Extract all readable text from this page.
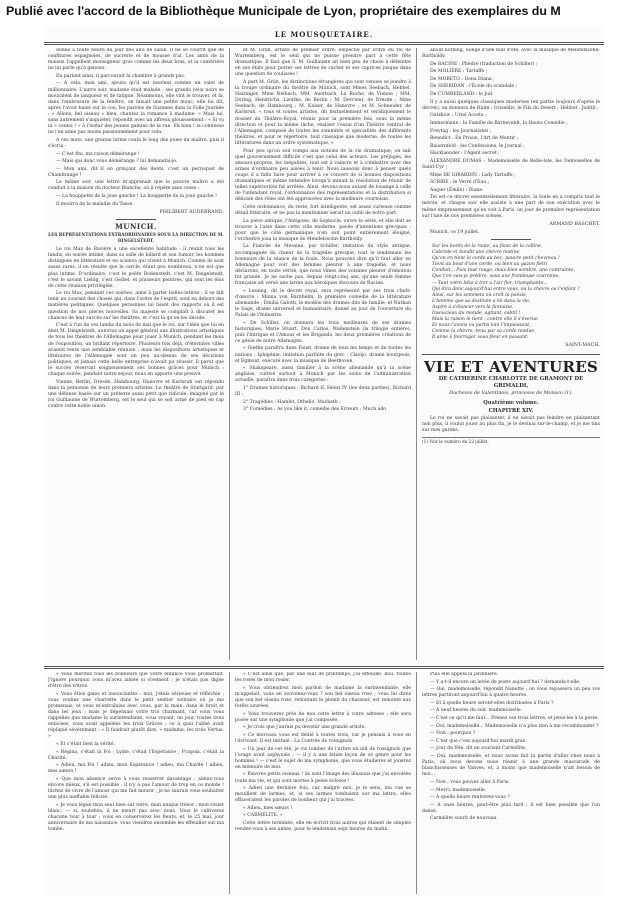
Publié avec l'accord de la Bibliothèque Municipale de Lyon, propriétaire des exemplaires du M
LE MOUSQUETAIRE.

donné à toute heure du jour des airs de salon. Il ne se courrit que de confitures espagnoles, de sucrerie et de mousse d'ai. Les amis de la maison l'appellent monsigneur gros comme les deux bras, et la camérière ne lui parle qu'à genoux.

En parlant ainsi, il parcourait la chambre à grands pas.

— A cela, mon ami, ajouta qu'il est insolent comme un valet de millionnaire. L'autre soir, madame était malade ; ses grands yeux noirs se mouraient de langueur et de fatigue. Néanmoins, elle vint le trouver, et là, dans l'embrasure de la fenêtre, on faisait une petite mouc, elle lui dit, après l'avoir baisé sur le cou, les paroles de Suzanne dans la Folle Journée : « Allons, bel oiseau » bleu, chantez la romance à madame. » Mais lui, sans autrement s'inquiéter, répondit avec un affreux glousssement : « Si vu ni » connu ! » à l'instar des jeunes gamins de la rue. Eh bien ! la comtesse ne l'en aime pas moins passionnément pour cela.

A ces mots, une grenue larme coula le long des joues du maître, puis il s'écria :

— C'est fini, ma raison démérange !

— Mais qui donc vous démérange ? lui demandai-je.

— Mon ami, dit il en grinçant des dents, c'est un perroquet de Chambrange !

Le même soir, une lettre m'apprenait que le pauvre maître a été conduit à la maison du docteur Blanche, où il répète sans cesse :

— La houppette de la joue gauche ! La houppette de la joue gauche !

Il mourra de la maladie du Tasse.

PHILIBERT AUDEBRAND.
MUNICH.
LES REPRÉSENTATIONS EXTRAORDINAIRES SOUS LA DIRECTION DE M. DINGELSTEDT.

Le roi Max de Bavière a une excellente habitude : il réunit tous les lundis, en soirée intime, dans sa salle de billard et son fumoir, les hommes distingués en littérature et en science qui vivent à Munich. Comme ils sont assez rares, il en résulte que le cercle, étant peu nombreux, n'en est que plus intime. D'ordinaire, c'est le poète Bodenstedt, c'est M. Dingelstedt, c'est le savant Liebig, c'est Geibel, et plusieurs peintres, qui sont les élus de cette réunion privilégiée.

Le roi Max, pendant ces soirées, aime à parler belles-lettres ; il se fait tenir au courant des choses qui, dans l'ordre de l'esprit, sont en dehors des matières politiques. Quelques personnes lui lisent des rapports où il est question de nos pièces nouvelles. Sa majesté se complaît à discuter les chances de leur succès sur les théâtres, et c'est là qu'on les décide.

C'est à l'un de ces lundis du mois de mai que le roi, sur l'idée que lui en émit M. Dingelstedt, autorisa un appel général aux illustrations artistiques de tous les théâtres de l'Allemagne pour jouer à Munich, pendant les mois de l'exposition, un brillant répertoire. Plusieurs fois déjà, d'éternités villes avaient tenté une semblable réunion ; mais les dispositions artistiques et littéraires de l'Allemagne sont un peu au-dessus de ses décisions politiques, et jamais cette belle entreprise n'avait pu réussir. Il parut que le succès réservait soigneusement ses bonnes grâces pour Munich : chaque soirée, pendant notre séjour, nous en apporte une preuve.

Vienne, Berlin, Dresde, Hambourg, Hanovre et Karlsruh ont répondu dans la personne de leurs premiers artistes. Le théâtre de Stuttgard, par une défense basée sur un prétexte aussi petit que ridicule, imaginé par le roi Guillaume de Wurtemberg, est le seul qui se soit armé de pied en cap contre cette noble union.

et M. Grün, artiste de premier ordre, empêché par ordre du roi de Wurtemberg, est le seul qui ne puisse prendre part à cette fête dramatique. Il faut que S. M. Guillaume ait bien peu de chose à défendre en ses états pour porter ses lettres de cachet et ses caprices jusque dans une question de coulisses !

A part M. Grün, les distinctions étrangères qui sont venues se joindre à la troupe ordinaire du théâtre de Munich, sont Mmes Seebach, Hebbel, Haizinger, Mme Neibach, MM. Auerbach, La Roche, de Vienne ; MM. Döring, Hendrichs, Liedtke, de Berlin ; M. Devrient, de Dresde ; Mme Seebach, de Hambourg ; M. Kaiser, de Hanovre ; et M. Schneider, de Karlsruh, « tous et toutes artistes, dit textuellement et véridiquement le dossier du Théâtre-Royal, réunis pour la première fois, sous la même direction et pour la même tâche, réaliser l'essai d'un Théâtre central de l'Allemagne, composé de toutes les sommités et spécialités des différents théâtres, et pour le répertoire, tout classique que moderne, de toutes les littératures dans un ordre systématique. »

Pour peu qu'on soit rompu aux notions de la vie dramatique, on sait quel gouvernement difficile c'est que celui des acteurs. Les préjugés, les amours-propres, les inégalités, tout est à vaincre et à combattre avec des armes d'ordinaire peu aisées à tenir. Nous laissons donc à penser quels coups il a fallu faire pour arriver à ce concert de si bonnes dispositions dramatiques et même entendre lorsqu'à minuit la résolution de réunir de telles supériorités fut arrêtée. Ainsi, devons-nous autant de louange à celle de l'intendant royal, l'ordonnance des représentations et la distribution si délicate des rôles ont été approuvées avec la meilleure courtoisie.

Cette ordonnance, du reste, fort intelligente, est assez curieuse comme détail littéraire, et ne pas la mentionner serait un oubli de notre part.

La pièce antique, l'Antigone, de Sophocle, ouvre la série, et elle doit se trouver à l'aise dans cette ville moderne, pavée d'intentions grecques ; pour que le côté germanique n'en soit point entièrement éloigné, l'orchestre joua la musique de Mendelssohn-Bartholdy.

La Fiancée de Messine, par Schiller, imitation du style antique, accompagnée du chœur de la tragédie grecque, tout le lendemain les honneurs de la séance de la foule. Nous pouvons dire qu'il faut aller en Allemagne pour voir des femmes pleurer à une tragédie, et nous déclarons, en toute vérité, que nous vîmes des voisines pleurer d'émotion fut grande. Je ne sache pas, depuis vingt-cinq ans, qu'une seule femme française ait versé une larme aux héroïques discours de Racine.

« Lessing, dit le décret royal, sera représenté par ses trois chefs-d'œuvre : Minna von Barnhelm, la première comédie de la littérature allemande ; Emilia Galotti, le modèle des drames dits de famille, et Nathan le Sage, drame universel et humanitaire, donné au jour de l'ouverture du Palais de l'Industrie.

« De Schiller, on donnera les trois meilleures de ses drames historiques, Marie Stuart, Don Carlos, Wallenstein (la trilogie entière), puis l'Intrigue et l'Amour et les Brigands, les deux premières créations de ce génie de notre Allemagne.

« Gœthe paraîtra dans Faust, drame de tous les temps et de toutes les nations ; Iphigénie, imitation parfaite du grec ; Clavijo, drame bourgeois, et Egmont, exécuté avec la musique de Beethoven.

« Shakspeare, aussi familier à la scène allemande qu'à la scène anglaise, cultivé surtout à Munich par les soins de l'administration actuelle, paraîtra dans trois catégories :

1° Drames historiques : Richard II, Henri IV (les deux parties), Richard III ;

2° Tragédies : Hamlet, Othello, Macbeth ;

3° Comédies : As you like it, comédie des Erreurs ; Much ado

about nothing, Songe d'une nuit d'été, avec la musique de Mendelssohn-Bartholdy.

De RACINE : Phèdre (traduction de Schiller) ;

De MOLIÈRE : Tartuffe ;

De MORETO : Dona Diana ;

De SHERIDAN : l'École du scandale ;

De CUMBERLAND : le Juif.

Il y a aussi quelques classiques modernes (en partie toujours d'après le décret), on donnera de Halm : Griseldis, le Fils du Désert ; Hebbel : Judith ;

Gutzkow : Uriel Acosta ;

Immermann : la Famille de Barneveldt, la Haute Comédie ;

Freytag : les Journalistes ;

Benedict : En Prison, l'Art de Mentir ;

Bauernfeld : les Confessions, le Journal ;

Hacklaender : l'Agent secret ;

ALEXANDRE DUMAS : Mademoiselle de Belle-Isle, les Demoiselles de Saint-Cyr ;

Mme DE GIRARDIN : Lady Tartuffe ;

SCRIBE : le Verre d'Eau ;

Augier (Émile) : Diane.

Tel est ce décret essentiellement littéraire, la foule en a compris tout le mérite, et chaque soir elle assiste à une part de son exécution avec le même empressement qu'en voit à Paris, un jour de première représentation sur l'une de nos premières scènes.

ARMAND BASCHET.

Munich, ce 19 juillet.

Sur les bords de la route, au flanc de la colline,

Cabriole et bondit une chèvre mutine,

Qu'on en tient la corde au bec, pauvre petit chevreau !

Tient au bout d'une corde, ou bien au gazon flétri

Conduit... Puis tout rouge, mais bien sombre, une contrainte,

Que t'en vais-je prédire, sous une frondeuse couronne,

— Tant votre bête à tort a l'air fier, triomphante...

Qui dira donc aujourd'hui entre vous, ou la chèvre ou l'enfant ?

Ainsi, sur les sommets où croît la poésie,

L'homme que sa destinée a lié dans la vie,

Aspire à s'élancer vers la fantaisie,

Insoucieux du monde, agitant, subtil !

Mais la raison le tient : contre elle il s'éverue,

Et nous l'avons vu partis loin l'impuissant,

Comme la chèvre, tenu par sa corde tendue,

Il aime à fourrager sous fleur en passant.

SAINT-MACH.
VIE ET AVENTURES
DE CATHERINE CHARLOTTE DE GRAMONT DE GRIMALDI,
Duchesse de Valentinois, princesse de Monaco (1).
Quatrième volume.
CHAPITRE XIV.

Le roi ne savait pas plaisanter, il ne savait pas feindre en plaisantant non plus, il voulut jouer au plus fin, je le devinai sur-le-champ, et je me tins sur mes gardes.

(1) Voir le numéro du 22 juillet.

« Vous méritez tous les bonheurs que votre enfance vous promettait. J'ignore pourquoi vous m'avez aimée si vivement ; je n'étais pas digne d'être des vôtres.

« Vous étiez gaies et insouciantes : moi, j'étais sérieuse et réfléchie ; vous vouliez une charrette dans le petit sentier solitaire où je me promenais, et vous m'entraîniez avec vous, par la main, dans le bruit et dans les jeux ; mais je dépensais votre trio charmant, car vous vous rappeliez que madame la surintendante, vous voyant, un jour, toutes trois enlacées, vous avait appelées les trois Grâces ; ce à quoi l'abbé avait répliqué sévèrement : « Il faudrait plutôt dire, » madame, les trois Vertus. »

« Et c'était bien la vérité.

« Régina, c'était la Foi ; Lydie, c'était l'Espérance ; Fragola, c'était la Charité.

« Adieu, ma Foi ! adieu, mon Espérance ! adieu, ma Charité ! adieu, mes sœurs !

« Que mon absence serve à vous resserrer davantage ; aimez-vous encore mieux, s'il est possible : il n'y a pas l'amour de trop en ce monde ! tâchez de vivre de l'amour qui me fait mourir ; je ne saurais vous souhaiter une plus ineffable félicité.

« Je vous lègue mon seul bien sur terre, mon unique trésor : mon rosier blanc, — si, toutefois, il ne meurt pas avec nous. Vous le cultiverez chacune tour à tour ; vous en conserverez les fleurs, et, le 25 mai, jour anniversaire de ma naissance, vous viendrez ensemble les effeuiller sur ma tombe.

« C'est ainsi que, par une nuit de printemps, j'ai effeuillé, moi, toutes les roses de mon rosier.

« Vous obtiendrez mon pardon de madame la surintendante, elle m'appelait, vous en souvenez-vous ? son bel oiseau rose ; vous lui direz que son bel oiseau rose, redoutant le plomb du chasseur, est remonté aux forêts azurées.

« Vous trouverez près de moi cette lettre à votre adresse ; elle sera posée sur une symphonie que j'ai composée.

« Je crois que j'aurais pu devenir une grande artiste.

« Ce morceau vous est dédié à toutes trois, car je pensais à vous en l'écrivant. Il est intitulé : La Contrée de rossignols.

« Un jour de cet été, je vis tomber de l'arbre un nid de rossignols que l'orage avait asphyxiés ; — il y a une fatale leçon de ce genre pour les hommes ! — c'est le sujet de ma symphonie, que vous étudierez et jouerez en mémoire de moi.

« Pauvres petits oiseaux ! ils sont l'image des illusions que j'ai envolées toute ma vie, et qui sont mortes à peine écloses !

« Adieu une dernière fois, car, malgré moi, je le sens, ma vue se mouillent de larmes, et, si ces larmes tombaient sur ma lettre, elles effaceraient les paroles de bonheur qui j'ai tracées.

« Adieu, mes sœurs !

« CARMÉLITE. »

Cette lettre terminée, elle en écrivit trois autres qui étaient de simples rendez-vous à ses amies, pour le lendemain sept heures du matin.

Puis elle appela la jardinière.

— Y a-t-il encore un levée de poste aujourd'hui ? demanda-t-elle.

— Oui, mademoiselle, répondit Nanette ; on vous repassera un peu vos lettres partiront aujourd'hui à quatre heures.

— Et à quelle heure seront-elles distribuées à Paris ?

— A neuf heures du soir, mademoiselle.

— C'est ce qu'il me faut... Prenez ces trois lettres, et jetez-les à la poste.

— Oui, mademoiselle... Mademoiselle n'a plus rien à me recommander ?

— Non : pourquoi ?

— C'est que c'est aujourd'hui mardi gras.

— Jour de fête, dit en souriant Carmélite.

— Oui, mademoiselle, et nous avons fait la partie d'aller chez nous à Paris, où nous devons nous réunir à une grande mascarade de blanchisseuses de Vanves, et, à moins que mademoiselle n'ait besoin de moi...

— Non ; vous pouvez aller à Paris.

— Merci, mademoiselle.

— A quelle heure rentrerez-vous ?

— A onze heures, peut-être plus tard ; il est bien possible que l'on danse.

Carmélite sourit de nouveau.
